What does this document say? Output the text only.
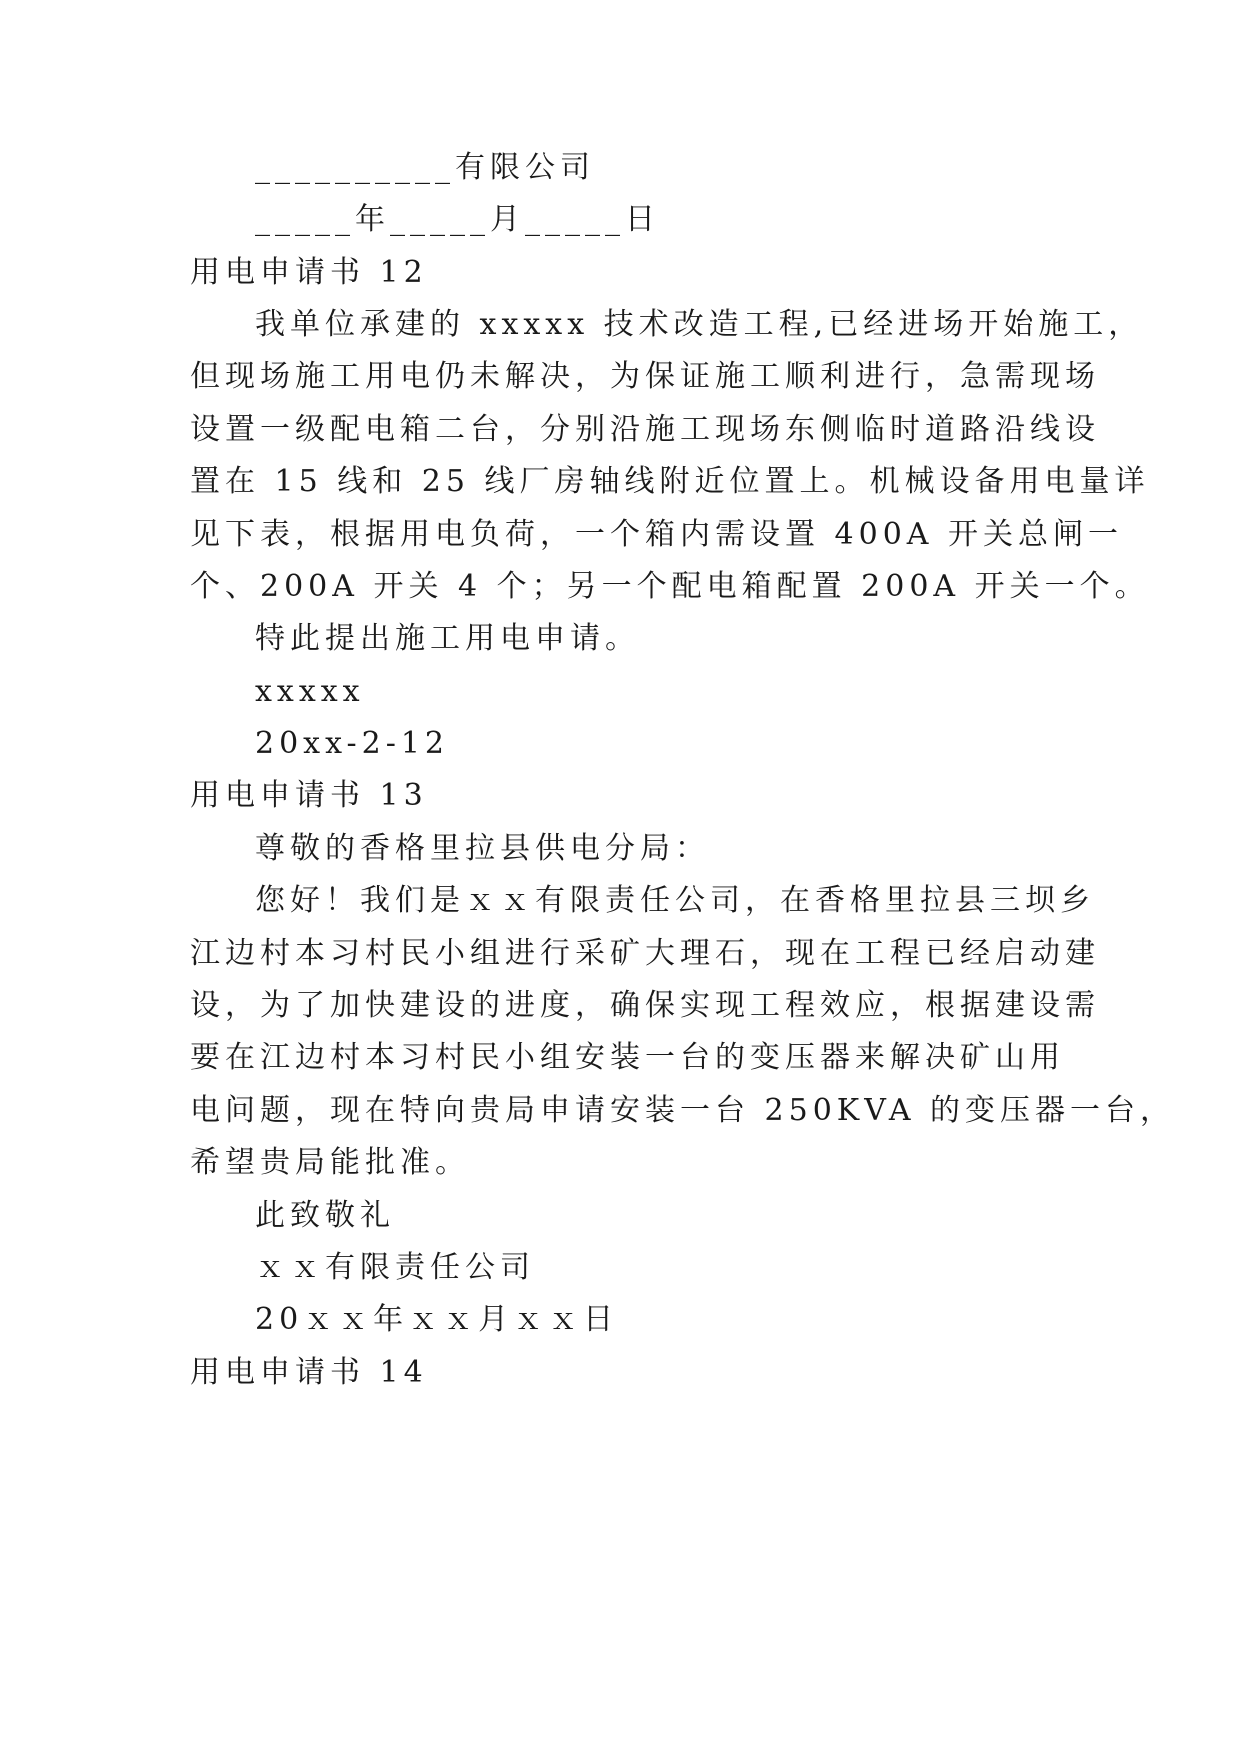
__________有限公司
_____年_____月_____日
用电申请书 12
我单位承建的 xxxxx 技术改造工程,已经进场开始施工，
但现场施工用电仍未解决，为保证施工顺利进行，急需现场
设置一级配电箱二台，分别沿施工现场东侧临时道路沿线设
置在 15 线和 25 线厂房轴线附近位置上。机械设备用电量详
见下表，根据用电负荷，一个箱内需设置 400A 开关总闸一
个、200A 开关 4 个；另一个配电箱配置 200A 开关一个。
特此提出施工用电申请。
xxxxx
20xx-2-12
用电申请书 13
尊敬的香格里拉县供电分局：
您好！我们是ｘｘ有限责任公司，在香格里拉县三坝乡
江边村本习村民小组进行采矿大理石，现在工程已经启动建
设，为了加快建设的进度，确保实现工程效应，根据建设需
要在江边村本习村民小组安装一台的变压器来解决矿山用
电问题，现在特向贵局申请安装一台 250KVA 的变压器一台，
希望贵局能批准。
此致敬礼
ｘｘ有限责任公司
20ｘｘ年ｘｘ月ｘｘ日
用电申请书 14
